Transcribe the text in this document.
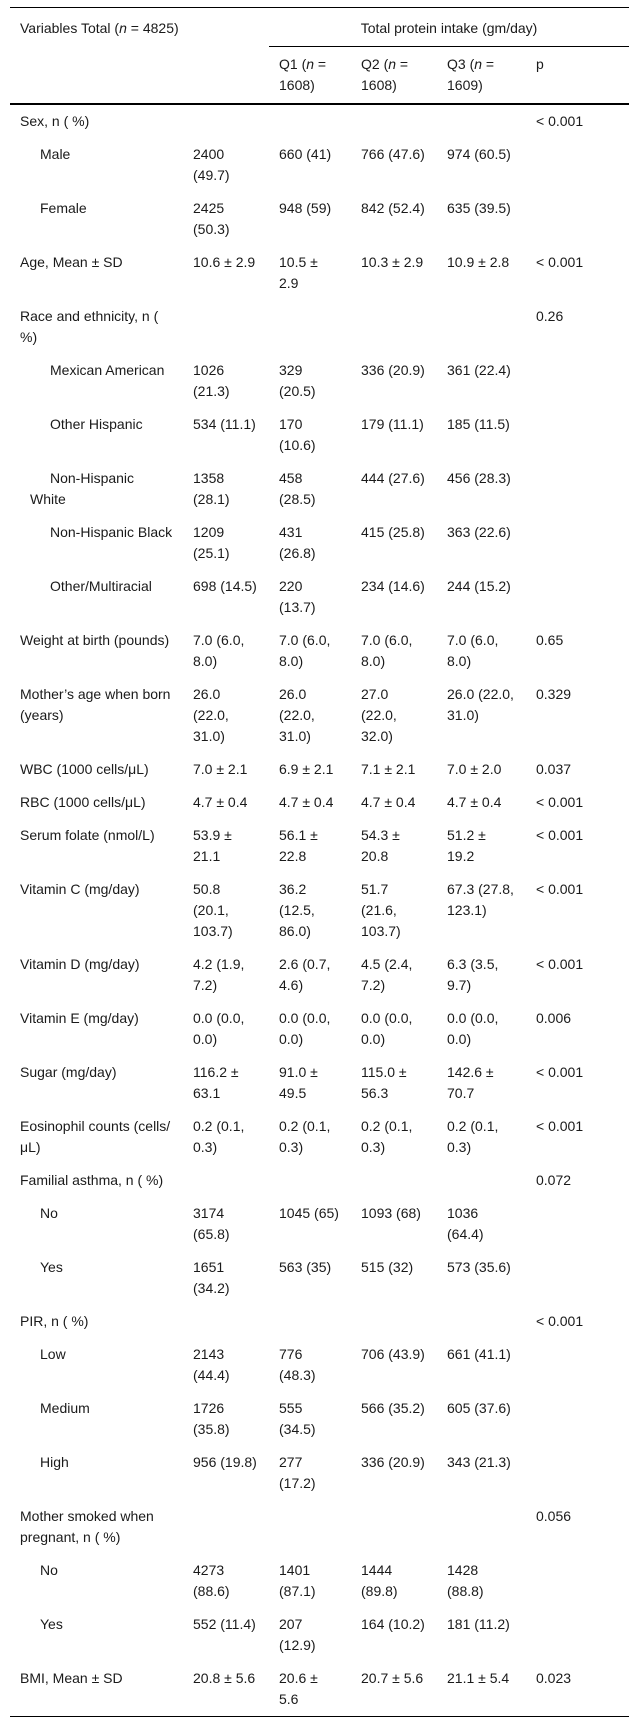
Variables Total (n = 4825)		Total protein intake (gm/day)			
		Q1 (n = 1608)	Q2 (n = 1608)	Q3 (n = 1609)	p
Sex, n ( %)					< 0.001
Male	2400 (49.7)	660 (41)	766 (47.6)	974 (60.5)	
Female	2425 (50.3)	948 (59)	842 (52.4)	635 (39.5)	
Age, Mean ± SD	10.6 ± 2.9	10.5 ± 2.9	10.3 ± 2.9	10.9 ± 2.8	< 0.001
Race and ethnicity, n ( %)					0.26
Mexican American	1026 (21.3)	329 (20.5)	336 (20.9)	361 (22.4)	
Other Hispanic	534 (11.1)	170 (10.6)	179 (11.1)	185 (11.5)	
Non-Hispanic White	1358 (28.1)	458 (28.5)	444 (27.6)	456 (28.3)	
Non-Hispanic Black	1209 (25.1)	431 (26.8)	415 (25.8)	363 (22.6)	
Other/Multiracial	698 (14.5)	220 (13.7)	234 (14.6)	244 (15.2)	
Weight at birth (pounds)	7.0 (6.0, 8.0)	7.0 (6.0, 8.0)	7.0 (6.0, 8.0)	7.0 (6.0, 8.0)	0.65
Mother’s age when born (years)	26.0 (22.0, 31.0)	26.0 (22.0, 31.0)	27.0 (22.0, 32.0)	26.0 (22.0, 31.0)	0.329
WBC (1000 cells/μL)	7.0 ± 2.1	6.9 ± 2.1	7.1 ± 2.1	7.0 ± 2.0	0.037
RBC (1000 cells/μL)	4.7 ± 0.4	4.7 ± 0.4	4.7 ± 0.4	4.7 ± 0.4	< 0.001
Serum folate (nmol/L)	53.9 ± 21.1	56.1 ± 22.8	54.3 ± 20.8	51.2 ± 19.2	< 0.001
Vitamin C (mg/day)	50.8 (20.1, 103.7)	36.2 (12.5, 86.0)	51.7 (21.6, 103.7)	67.3 (27.8, 123.1)	< 0.001
Vitamin D (mg/day)	4.2 (1.9, 7.2)	2.6 (0.7, 4.6)	4.5 (2.4, 7.2)	6.3 (3.5, 9.7)	< 0.001
Vitamin E (mg/day)	0.0 (0.0, 0.0)	0.0 (0.0, 0.0)	0.0 (0.0, 0.0)	0.0 (0.0, 0.0)	0.006
Sugar (mg/day)	116.2 ± 63.1	91.0 ± 49.5	115.0 ± 56.3	142.6 ± 70.7	< 0.001
Eosinophil counts (cells/μL)	0.2 (0.1, 0.3)	0.2 (0.1, 0.3)	0.2 (0.1, 0.3)	0.2 (0.1, 0.3)	< 0.001
Familial asthma, n ( %)					0.072
No	3174 (65.8)	1045 (65)	1093 (68)	1036 (64.4)	
Yes	1651 (34.2)	563 (35)	515 (32)	573 (35.6)	
PIR, n ( %)					< 0.001
Low	2143 (44.4)	776 (48.3)	706 (43.9)	661 (41.1)	
Medium	1726 (35.8)	555 (34.5)	566 (35.2)	605 (37.6)	
High	956 (19.8)	277 (17.2)	336 (20.9)	343 (21.3)	
Mother smoked when pregnant, n ( %)					0.056
No	4273 (88.6)	1401 (87.1)	1444 (89.8)	1428 (88.8)	
Yes	552 (11.4)	207 (12.9)	164 (10.2)	181 (11.2)	
BMI, Mean ± SD	20.8 ± 5.6	20.6 ± 5.6	20.7 ± 5.6	21.1 ± 5.4	0.023
